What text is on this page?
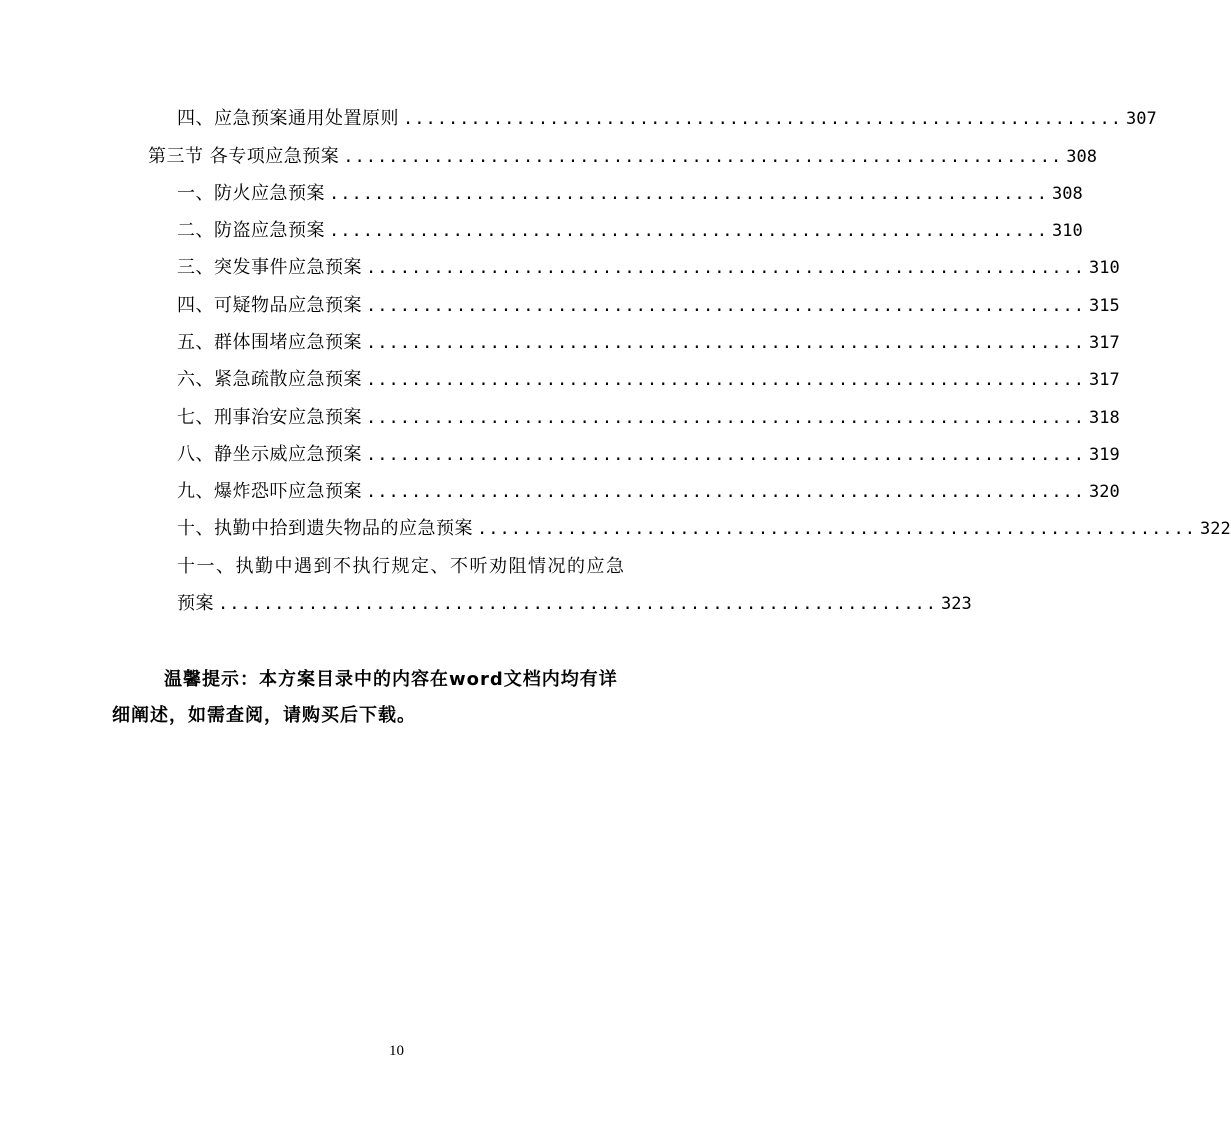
四、应急预案通用处置原则 ................................................................ 307
第三节 各专项应急预案 ................................................................ 308
一、防火应急预案 ................................................................ 308
二、防盗应急预案 ................................................................ 310
三、突发事件应急预案 ................................................................ 310
四、可疑物品应急预案 ................................................................ 315
五、群体围堵应急预案 ................................................................ 317
六、紧急疏散应急预案 ................................................................ 317
七、刑事治安应急预案 ................................................................ 318
八、静坐示威应急预案 ................................................................ 319
九、爆炸恐吓应急预案 ................................................................ 320
十、执勤中拾到遗失物品的应急预案 ................................................................ 322
十一、执勤中遇到不执行规定、不听劝阻情况的应急
预案 ................................................................ 323
温馨提示：本方案目录中的内容在word文档内均有详
细阐述，如需查阅，请购买后下载。
10
